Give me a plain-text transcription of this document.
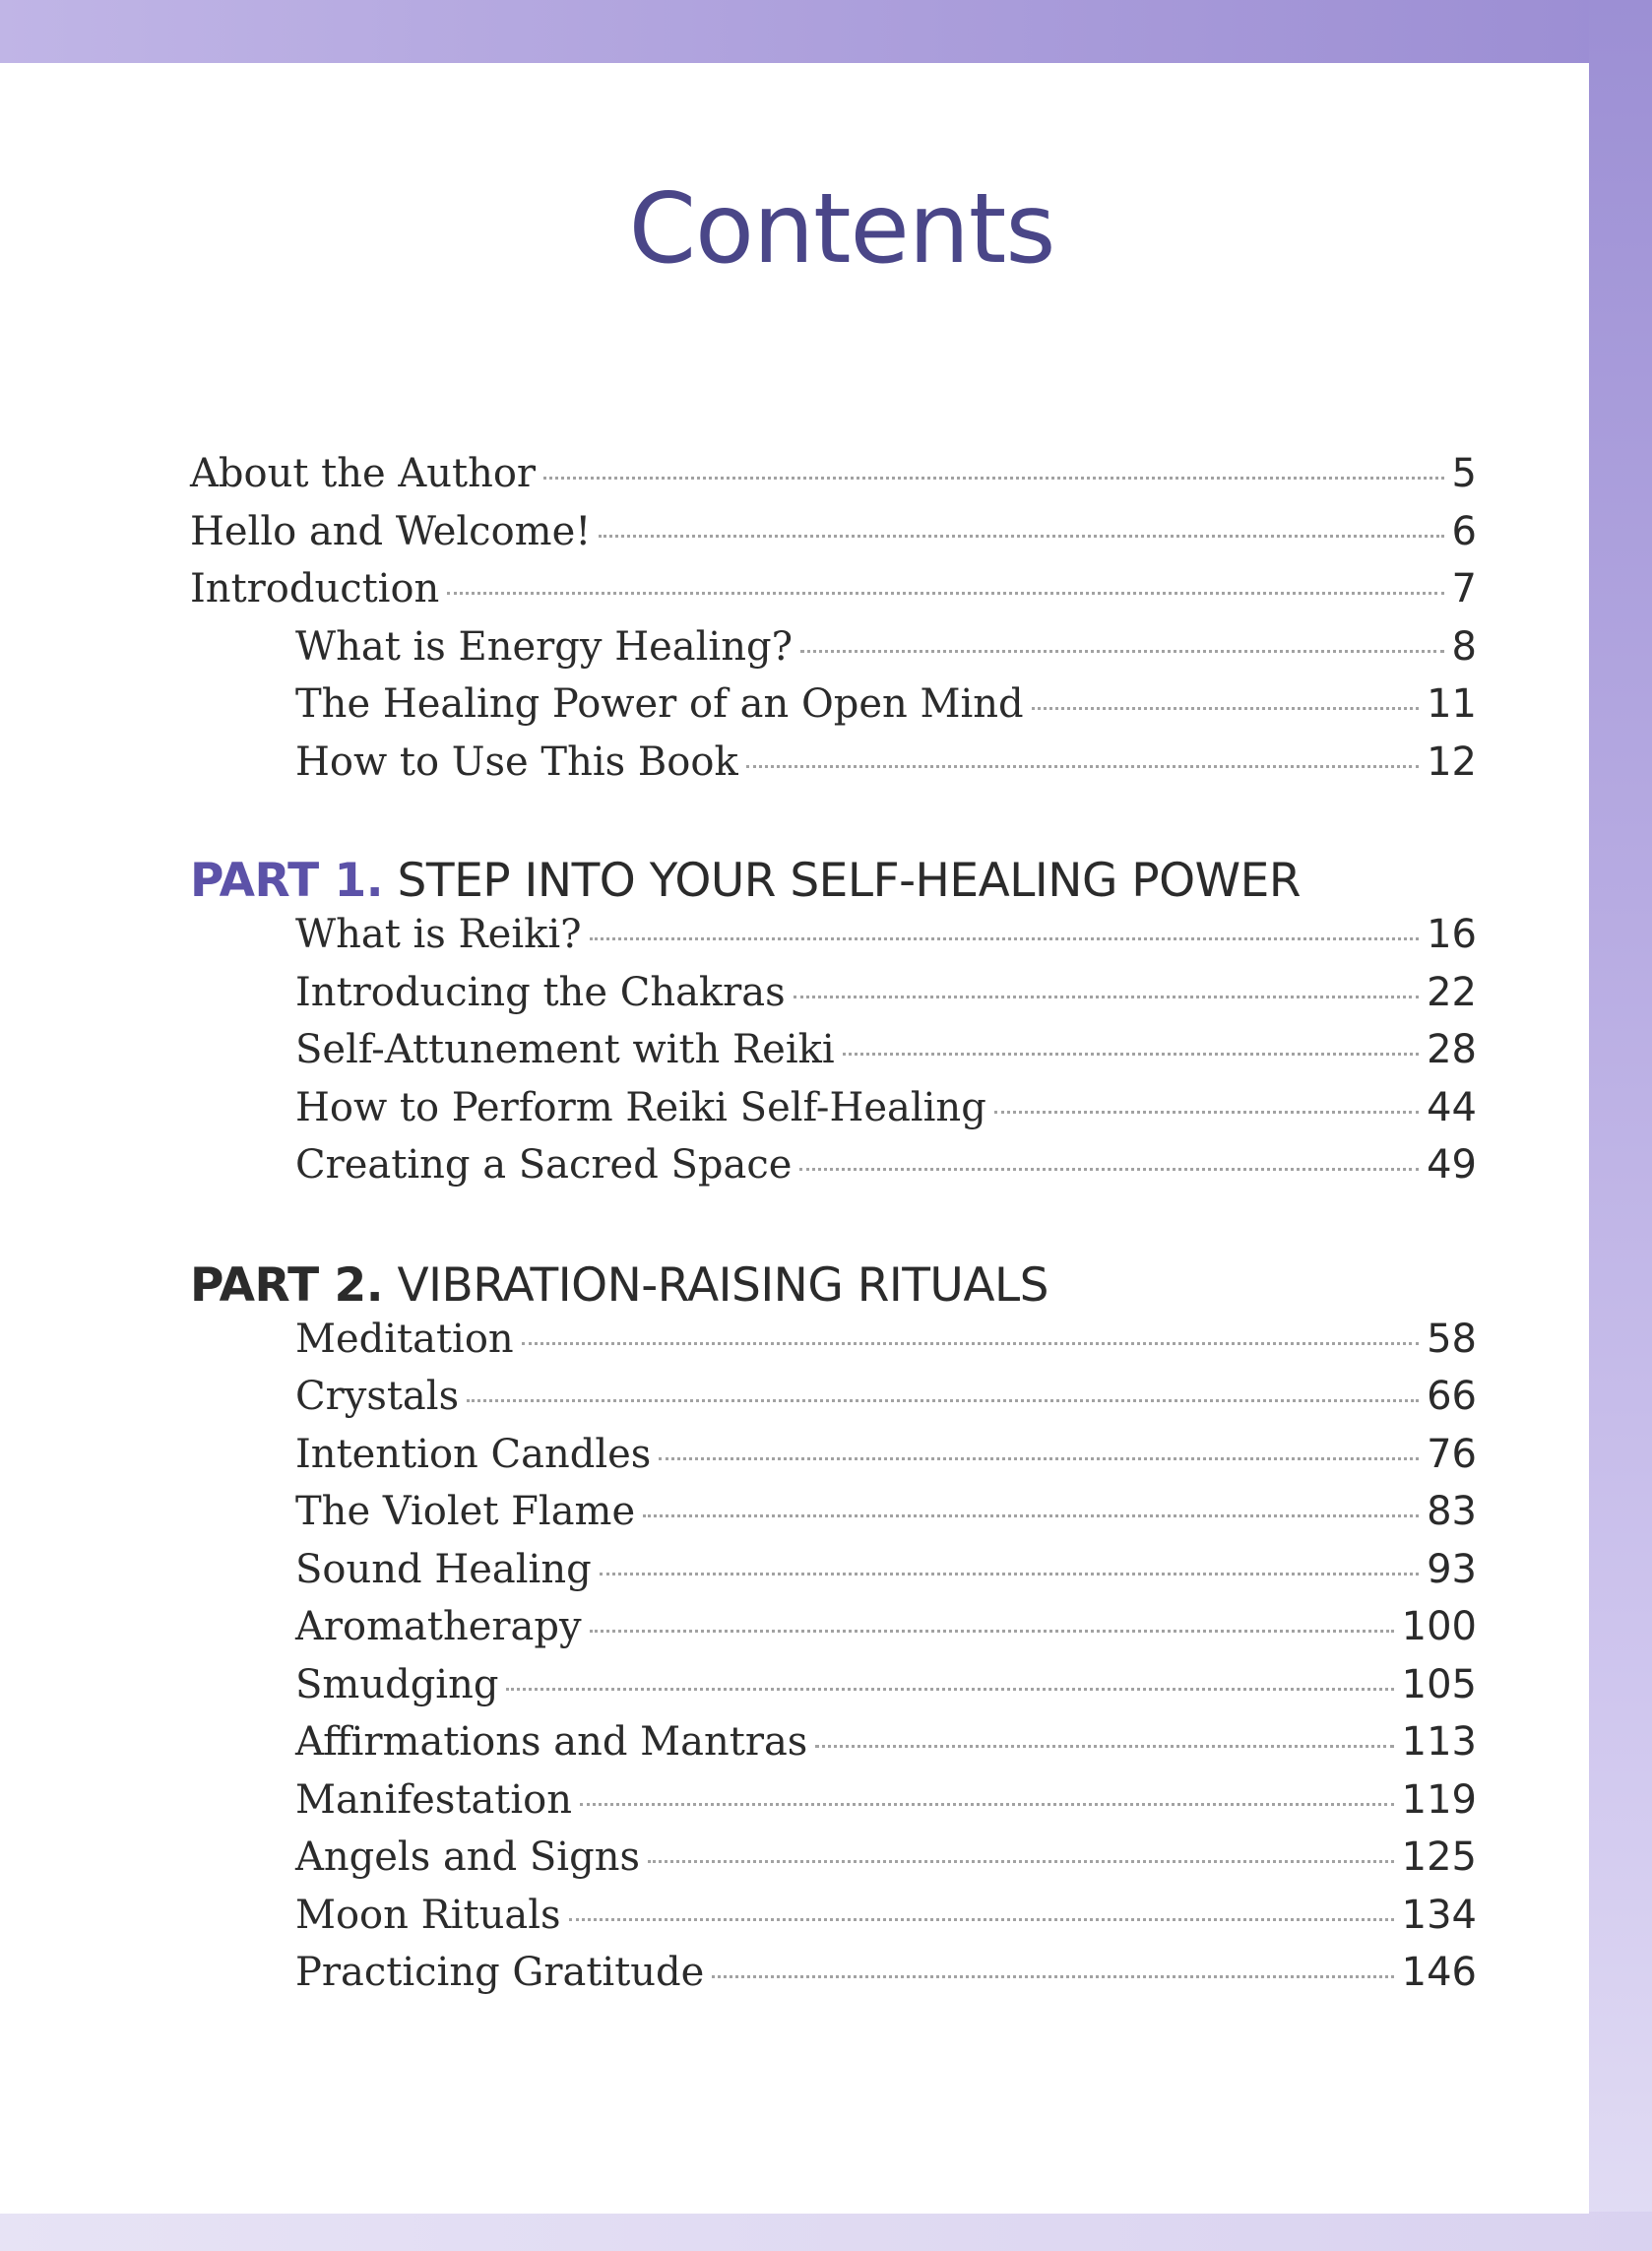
Contents
About the Author	5
Hello and Welcome!	6
Introduction	7
What is Energy Healing?	8
The Healing Power of an Open Mind	11
How to Use This Book	12
PART 1. STEP INTO YOUR SELF-HEALING POWER
What is Reiki?	16
Introducing the Chakras	22
Self-Attunement with Reiki	28
How to Perform Reiki Self-Healing	44
Creating a Sacred Space	49
PART 2. VIBRATION-RAISING RITUALS
Meditation	58
Crystals	66
Intention Candles	76
The Violet Flame	83
Sound Healing	93
Aromatherapy	100
Smudging	105
Affirmations and Mantras	113
Manifestation	119
Angels and Signs	125
Moon Rituals	134
Practicing Gratitude	146
